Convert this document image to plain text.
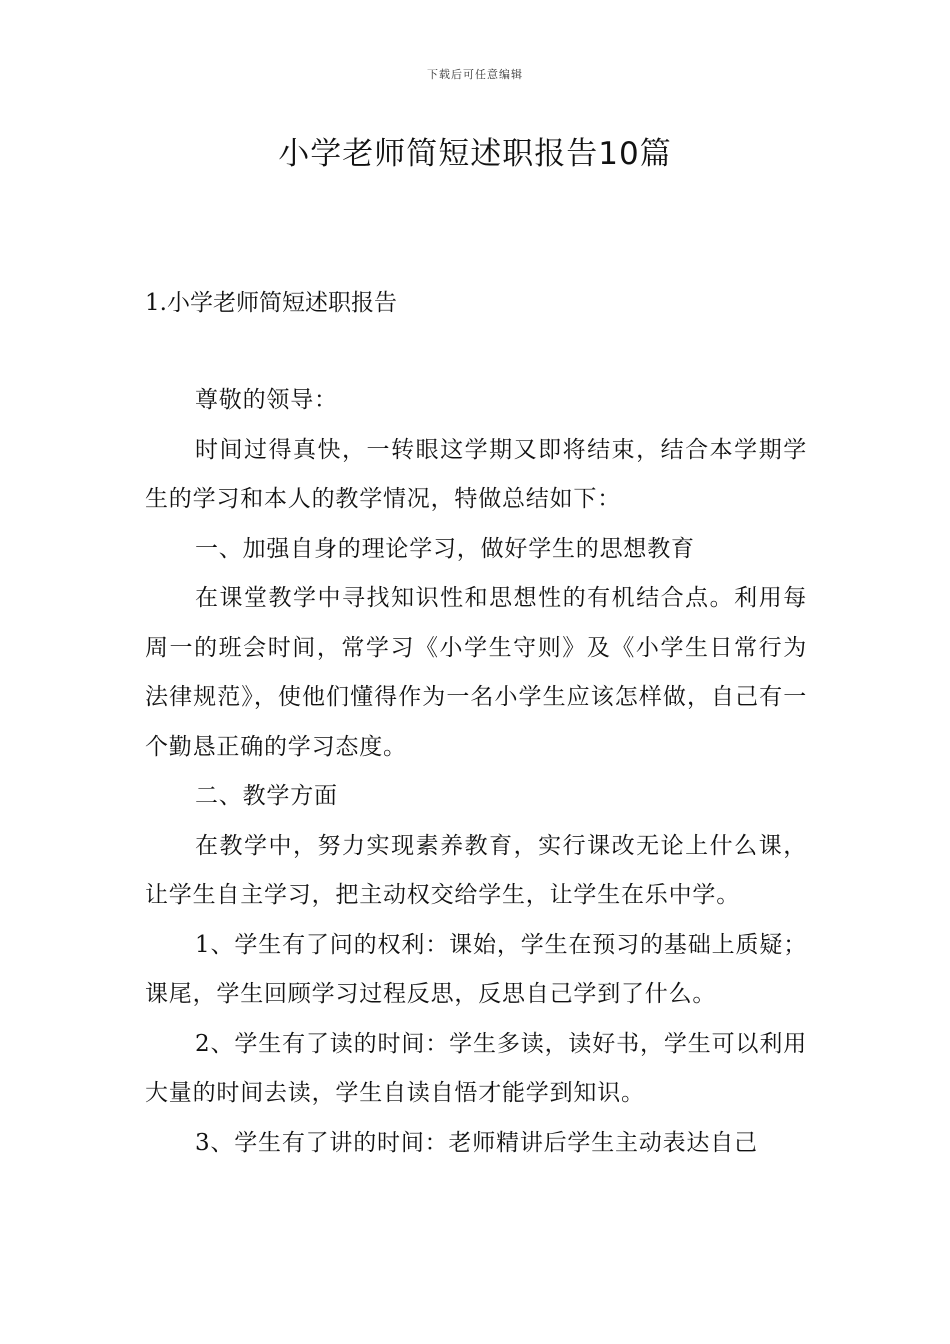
下载后可任意编辑
小学老师简短述职报告10篇
1.小学老师简短述职报告

尊敬的领导：

时间过得真快，一转眼这学期又即将结束，结合本学期学生的学习和本人的教学情况，特做总结如下：

一、加强自身的理论学习，做好学生的思想教育

在课堂教学中寻找知识性和思想性的有机结合点。利用每周一的班会时间，常学习《小学生守则》及《小学生日常行为法律规范》，使他们懂得作为一名小学生应该怎样做，自己有一个勤恳正确的学习态度。

二、教学方面

在教学中，努力实现素养教育，实行课改无论上什么课，让学生自主学习，把主动权交给学生，让学生在乐中学。

1、学生有了问的权利：课始，学生在预习的基础上质疑；课尾，学生回顾学习过程反思，反思自己学到了什么。

2、学生有了读的时间：学生多读，读好书，学生可以利用大量的时间去读，学生自读自悟才能学到知识。

3、学生有了讲的时间：老师精讲后学生主动表达自己
